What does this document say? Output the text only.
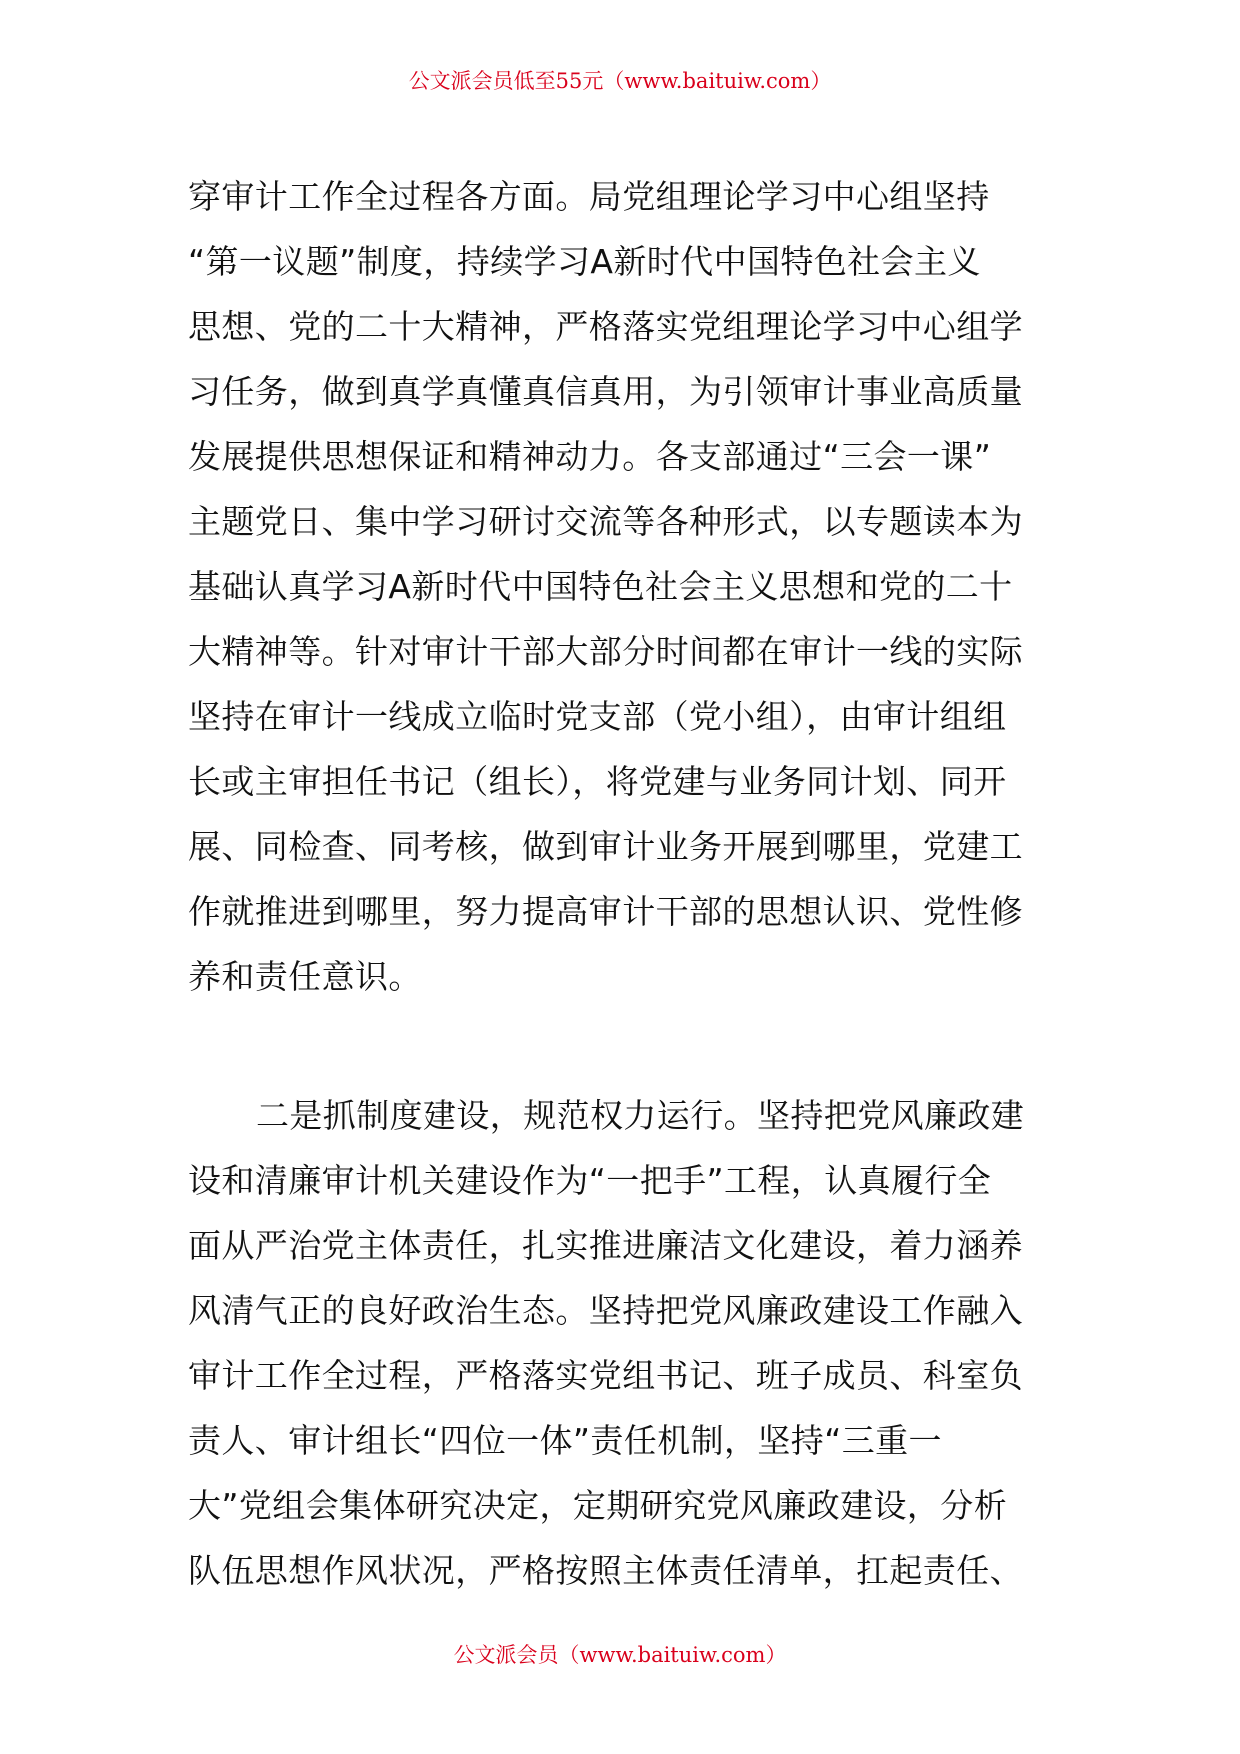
公文派会员低至55元（www.baituiw.com）
穿审计工作全过程各方面。局党组理论学习中心组坚持
“第一议题”制度，持续学习A新时代中国特色社会主义
思想、党的二十大精神，严格落实党组理论学习中心组学
习任务，做到真学真懂真信真用，为引领审计事业高质量
发展提供思想保证和精神动力。各支部通过“三会一课”
主题党日、集中学习研讨交流等各种形式，以专题读本为
基础认真学习A新时代中国特色社会主义思想和党的二十
大精神等。针对审计干部大部分时间都在审计一线的实际
坚持在审计一线成立临时党支部（党小组），由审计组组
长或主审担任书记（组长），将党建与业务同计划、同开
展、同检查、同考核，做到审计业务开展到哪里，党建工
作就推进到哪里，努力提高审计干部的思想认识、党性修
养和责任意识。
二是抓制度建设，规范权力运行。坚持把党风廉政建
设和清廉审计机关建设作为“一把手”工程，认真履行全
面从严治党主体责任，扎实推进廉洁文化建设，着力涵养
风清气正的良好政治生态。坚持把党风廉政建设工作融入
审计工作全过程，严格落实党组书记、班子成员、科室负
责人、审计组长“四位一体”责任机制，坚持“三重一
大”党组会集体研究决定，定期研究党风廉政建设，分析
队伍思想作风状况，严格按照主体责任清单，扛起责任、
公文派会员（www.baituiw.com）
